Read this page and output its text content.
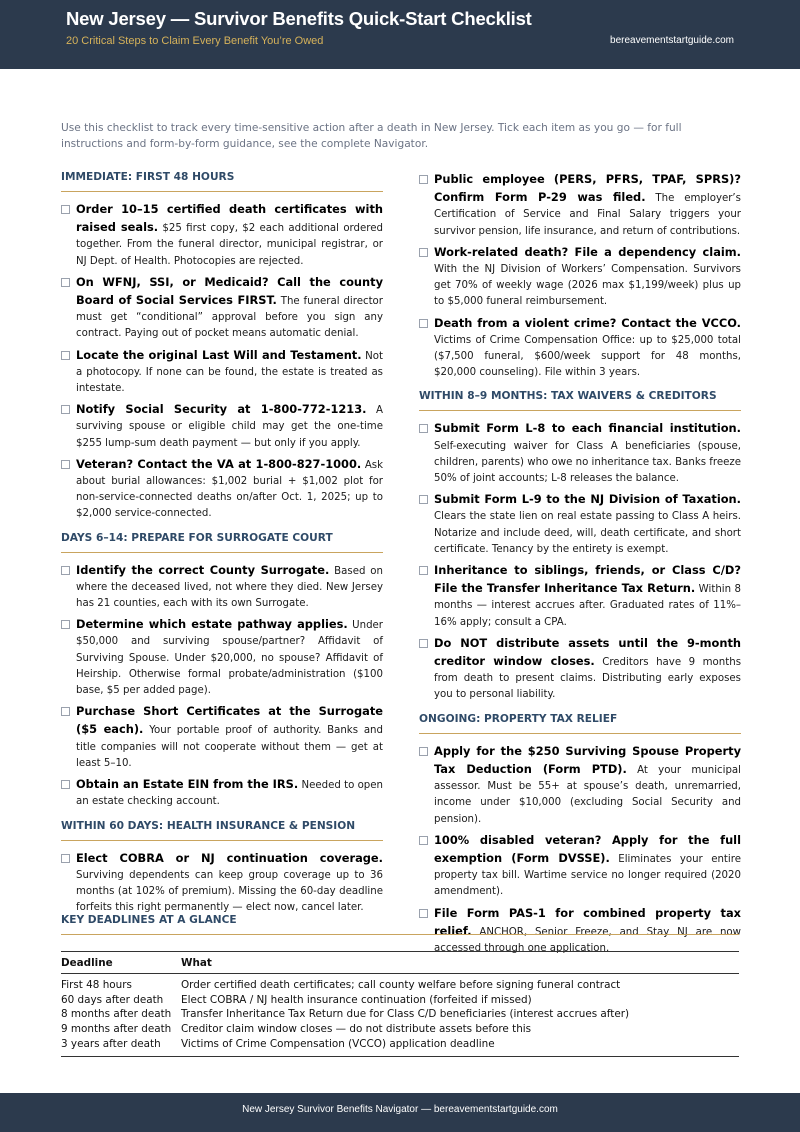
New Jersey — Survivor Benefits Quick-Start Checklist
20 Critical Steps to Claim Every Benefit You’re Owed	bereavementstartguide.com
Use this checklist to track every time-sensitive action after a death in New Jersey. Tick each item as you go — for full instructions and form-by-form guidance, see the complete Navigator.
IMMEDIATE: FIRST 48 HOURS
Order 10–15 certified death certificates with raised seals. $25 first copy, $2 each additional ordered together. From the funeral director, municipal registrar, or NJ Dept. of Health. Photocopies are rejected.
On WFNJ, SSI, or Medicaid? Call the county Board of Social Services FIRST. The funeral director must get “conditional” approval before you sign any contract. Paying out of pocket means automatic denial.
Locate the original Last Will and Testament. Not a photocopy. If none can be found, the estate is treated as intestate.
Notify Social Security at 1-800-772-1213. A surviving spouse or eligible child may get the one-time $255 lump-sum death payment — but only if you apply.
Veteran? Contact the VA at 1-800-827-1000. Ask about burial allowances: $1,002 burial + $1,002 plot for non-service-connected deaths on/after Oct. 1, 2025; up to $2,000 service-connected.
DAYS 6–14: PREPARE FOR SURROGATE COURT
Identify the correct County Surrogate. Based on where the deceased lived, not where they died. New Jersey has 21 counties, each with its own Surrogate.
Determine which estate pathway applies. Under $50,000 and surviving spouse/partner? Affidavit of Surviving Spouse. Under $20,000, no spouse? Affidavit of Heirship. Otherwise formal probate/administration ($100 base, $5 per added page).
Purchase Short Certificates at the Surrogate ($5 each). Your portable proof of authority. Banks and title companies will not cooperate without them — get at least 5–10.
Obtain an Estate EIN from the IRS. Needed to open an estate checking account.
WITHIN 60 DAYS: HEALTH INSURANCE & PENSION
Elect COBRA or NJ continuation coverage. Surviving dependents can keep group coverage up to 36 months (at 102% of premium). Missing the 60-day deadline forfeits this right permanently — elect now, cancel later.
Public employee (PERS, PFRS, TPAF, SPRS)? Confirm Form P-29 was filed. The employer’s Certification of Service and Final Salary triggers your survivor pension, life insurance, and return of contributions.
Work-related death? File a dependency claim. With the NJ Division of Workers’ Compensation. Survivors get 70% of weekly wage (2026 max $1,199/week) plus up to $5,000 funeral reimbursement.
Death from a violent crime? Contact the VCCO. Victims of Crime Compensation Office: up to $25,000 total ($7,500 funeral, $600/week support for 48 months, $20,000 counseling). File within 3 years.
WITHIN 8–9 MONTHS: TAX WAIVERS & CREDITORS
Submit Form L-8 to each financial institution. Self-executing waiver for Class A beneficiaries (spouse, children, parents) who owe no inheritance tax. Banks freeze 50% of joint accounts; L-8 releases the balance.
Submit Form L-9 to the NJ Division of Taxation. Clears the state lien on real estate passing to Class A heirs. Notarize and include deed, will, death certificate, and short certificate. Tenancy by the entirety is exempt.
Inheritance to siblings, friends, or Class C/D? File the Transfer Inheritance Tax Return. Within 8 months — interest accrues after. Graduated rates of 11%–16% apply; consult a CPA.
Do NOT distribute assets until the 9-month creditor window closes. Creditors have 9 months from death to present claims. Distributing early exposes you to personal liability.
ONGOING: PROPERTY TAX RELIEF
Apply for the $250 Surviving Spouse Property Tax Deduction (Form PTD). At your municipal assessor. Must be 55+ at spouse’s death, unremarried, income under $10,000 (excluding Social Security and pension).
100% disabled veteran? Apply for the full exemption (Form DVSSE). Eliminates your entire property tax bill. Wartime service no longer required (2020 amendment).
File Form PAS-1 for combined property tax relief. ANCHOR, Senior Freeze, and Stay NJ are now accessed through one application.
KEY DEADLINES AT A GLANCE
Deadline	What
First 48 hours	Order certified death certificates; call county welfare before signing funeral contract
60 days after death	Elect COBRA / NJ health insurance continuation (forfeited if missed)
8 months after death	Transfer Inheritance Tax Return due for Class C/D beneficiaries (interest accrues after)
9 months after death	Creditor claim window closes — do not distribute assets before this
3 years after death	Victims of Crime Compensation (VCCO) application deadline
New Jersey Survivor Benefits Navigator — bereavementstartguide.com
